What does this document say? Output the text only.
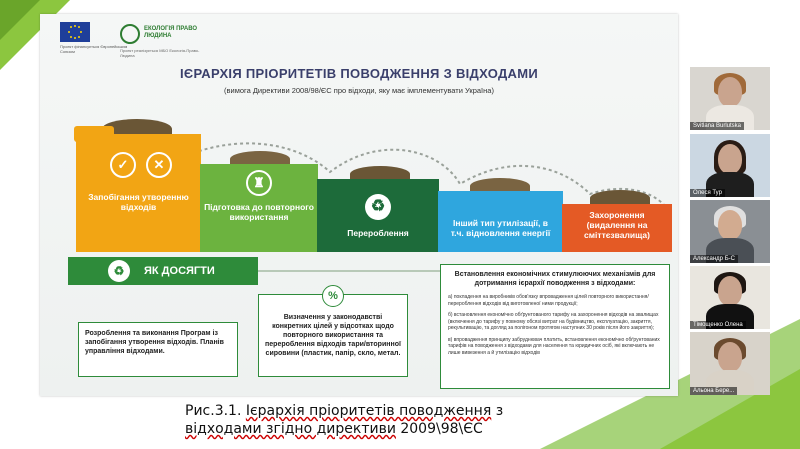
Проект фінансується Європейським Союзом
ЕКОЛОГІЯ ПРАВО ЛЮДИНА
Проект реалізується МБО Екологія-Право-Людина
ІЄРАРХІЯ ПРІОРИТЕТІВ ПОВОДЖЕННЯ З ВІДХОДАМИ
(вимога Директиви 2008/98/ЄС про відходи, яку має імплементувати Україна)
✓	✕
Запобігання утворенню відходів
♜
Підготовка до повторного використання
♻
Перероблення
Інший тип утилізації, в т.ч. відновлення енергії
Захоронення (видалення на сміттєзвалища)
♻	ЯК ДОСЯГТИ
Розроблення та виконання Програм із запобігання утворення відходів. Планів управління відходами.
%
Визначення у законодавстві конкретних цілей у відсотках щодо повторного використання та перероблення відходів тари/вторинної сировини (пластик, папір, скло, метал.
Встановлення економічних стимулюючих механізмів для дотримання ієрархії поводження з відходами:
а) покладення на виробників обов'язку впровадження цілей повторного використання/перероблення відходів від виготовленої ними продукції;
б) встановлення економічно обґрунтованого тарифу на захоронення відходів на звалищах (включення до тарифу у повному обсязі витрат на будівництво, експлуатацію, закриття, рекультивацію, та догляд за полігоном протягом наступних 30 років після його закриття);
в) впровадження принципу забруднювач платить, встановлення економічно обґрунтованих тарифів на поводження з відходами для населення та юридичних осіб, які включають не лише вивезення а й утилізацію відходів
Svitlana Burlutska
Олеся Тур
Александр Б-С
Тімощенко Олена
Альона Бере...
Рис.3.1. Ієрархія пріоритетів поводження з
відходами згідно директиви 2009\98\ЄС
